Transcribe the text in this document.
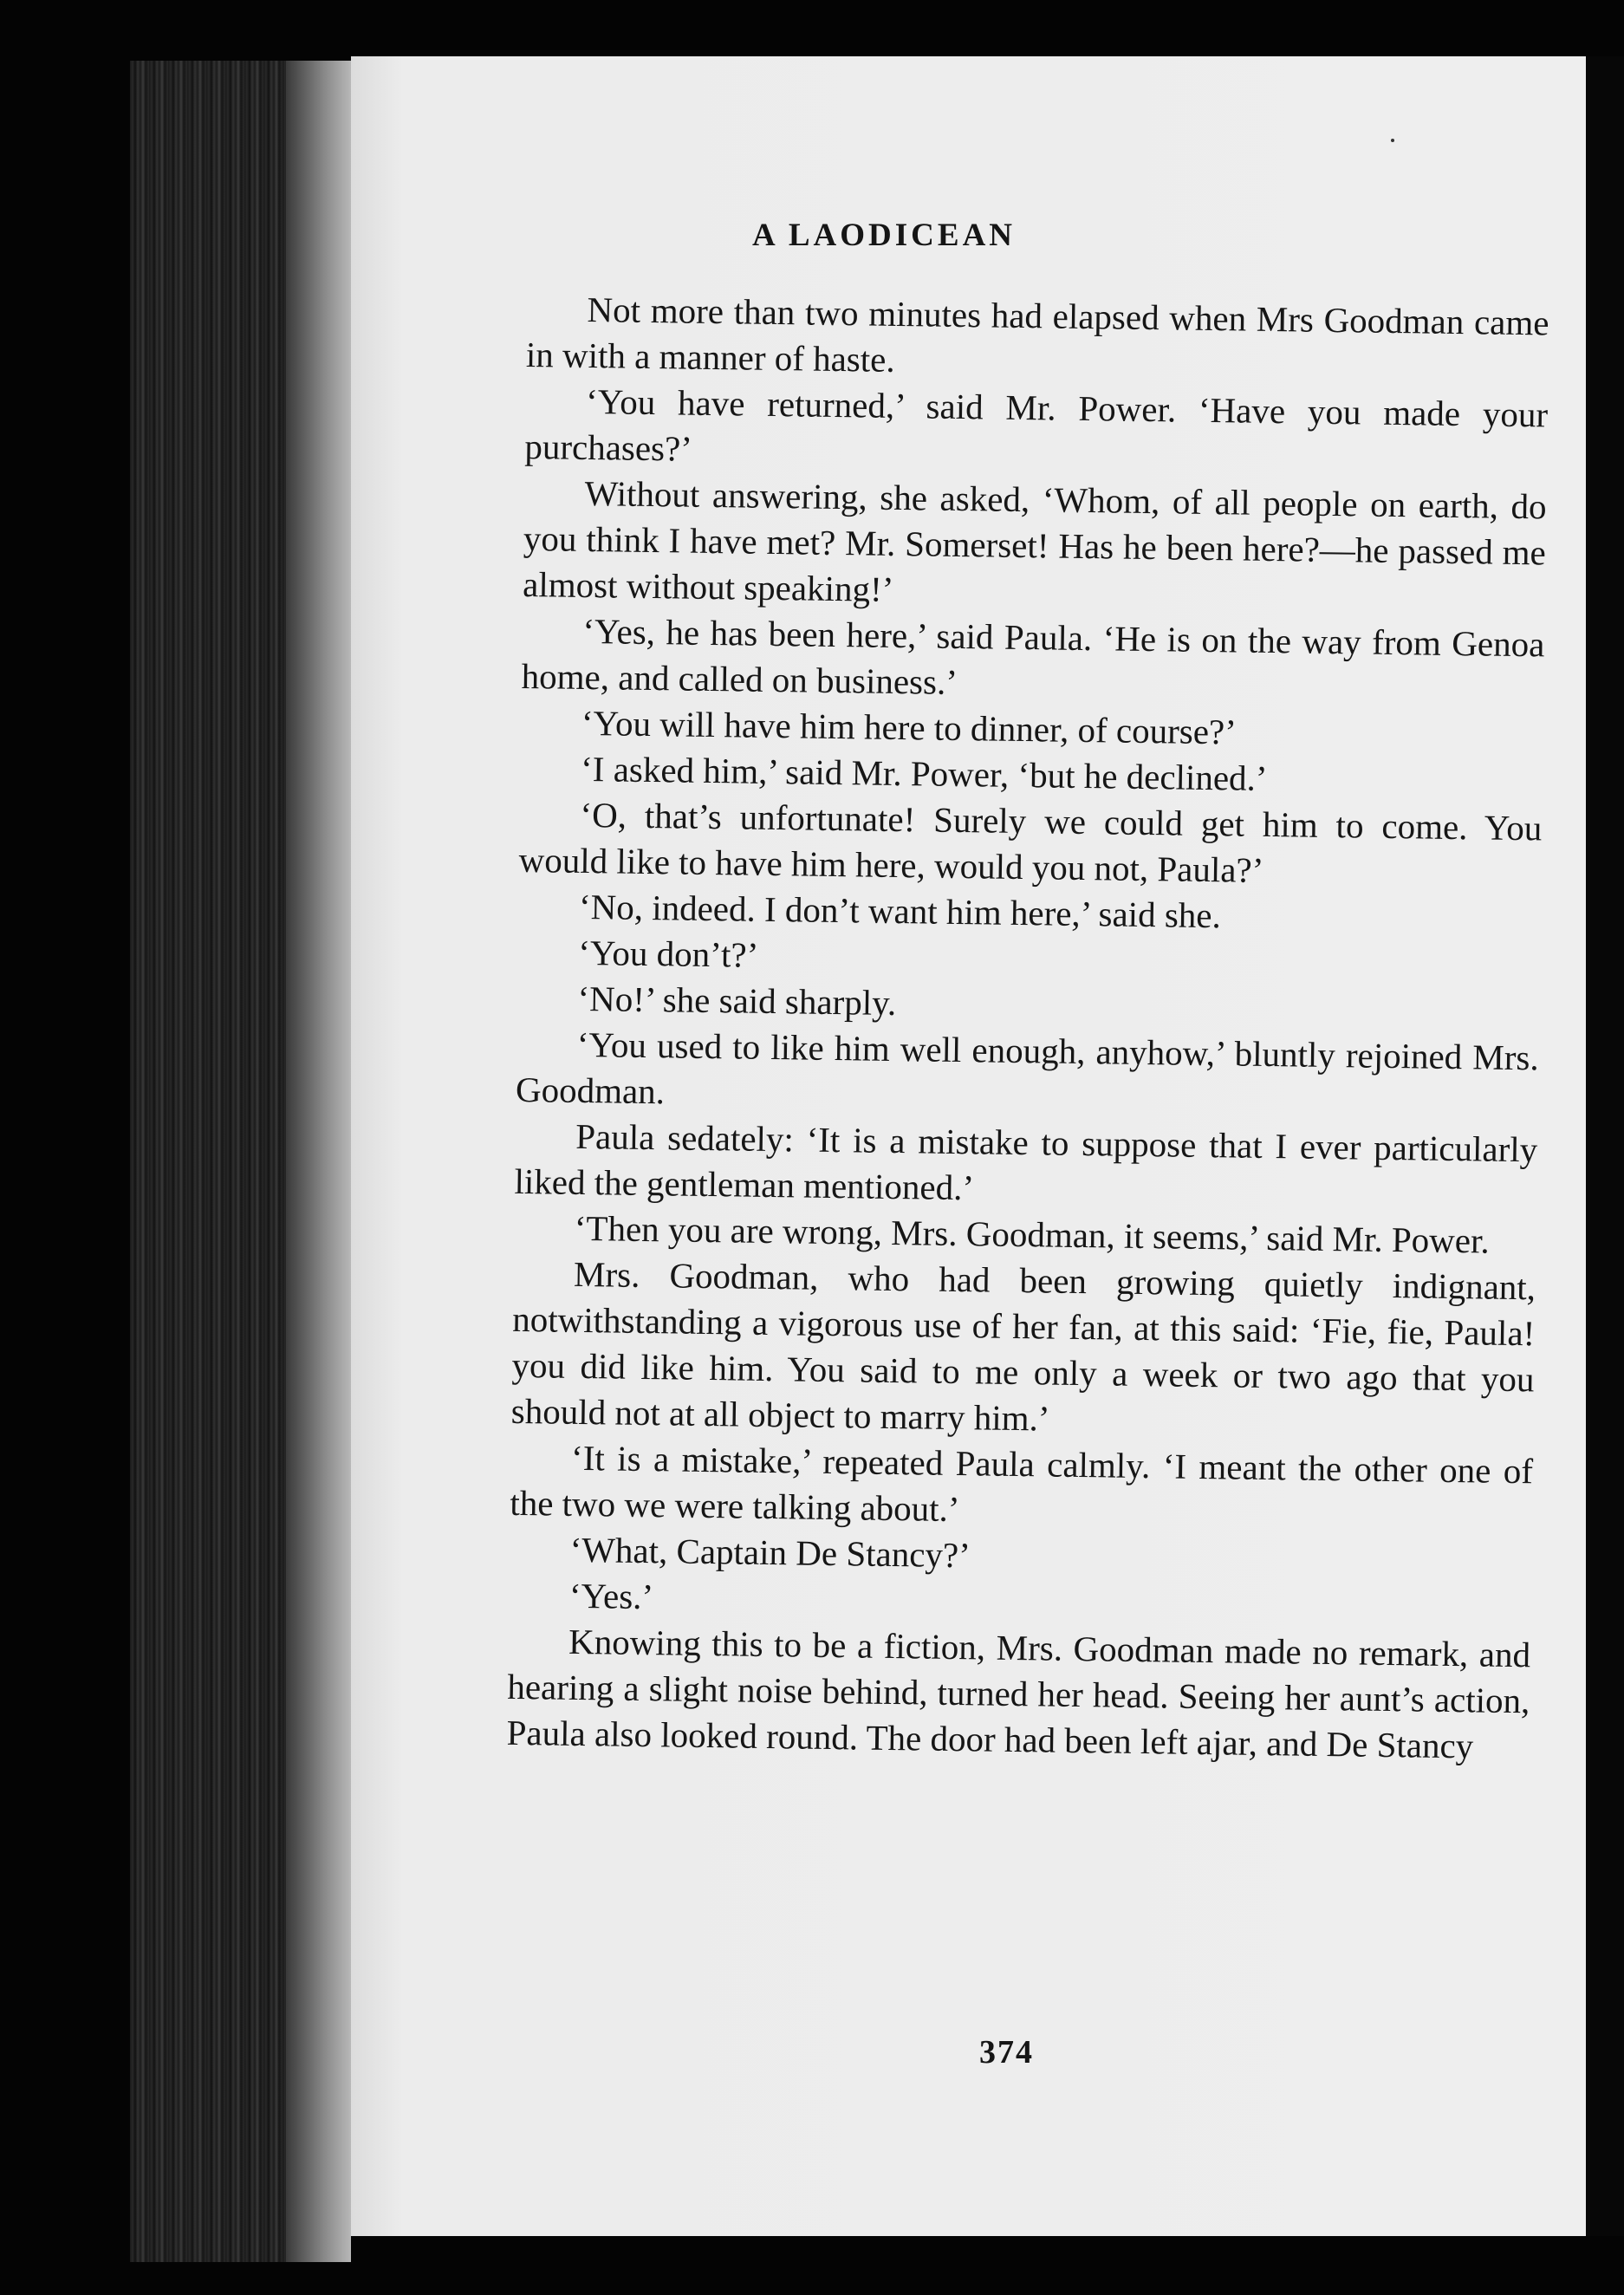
A LAODICEAN

Not more than two minutes had elapsed when Mrs Goodman came in with a manner of haste.

‘You have returned,’ said Mr. Power. ‘Have you made your purchases?’

Without answering, she asked, ‘Whom, of all people on earth, do you think I have met? Mr. Somerset! Has he been here?—he passed me almost without speaking!’

‘Yes, he has been here,’ said Paula. ‘He is on the way from Genoa home, and called on business.’

‘You will have him here to dinner, of course?’

‘I asked him,’ said Mr. Power, ‘but he declined.’

‘O, that’s unfortunate! Surely we could get him to come. You would like to have him here, would you not, Paula?’

‘No, indeed. I don’t want him here,’ said she.

‘You don’t?’

‘No!’ she said sharply.

‘You used to like him well enough, anyhow,’ bluntly rejoined Mrs. Goodman.

Paula sedately: ‘It is a mistake to suppose that I ever particularly liked the gentleman mentioned.’

‘Then you are wrong, Mrs. Goodman, it seems,’ said Mr. Power.

Mrs. Goodman, who had been growing quietly indignant, notwithstanding a vigorous use of her fan, at this said: ‘Fie, fie, Paula! you did like him. You said to me only a week or two ago that you should not at all object to marry him.’

‘It is a mistake,’ repeated Paula calmly. ‘I meant the other one of the two we were talking about.’

‘What, Captain De Stancy?’

‘Yes.’

Knowing this to be a fiction, Mrs. Goodman made no remark, and hearing a slight noise behind, turned her head. Seeing her aunt’s action, Paula also looked round. The door had been left ajar, and De Stancy

374
